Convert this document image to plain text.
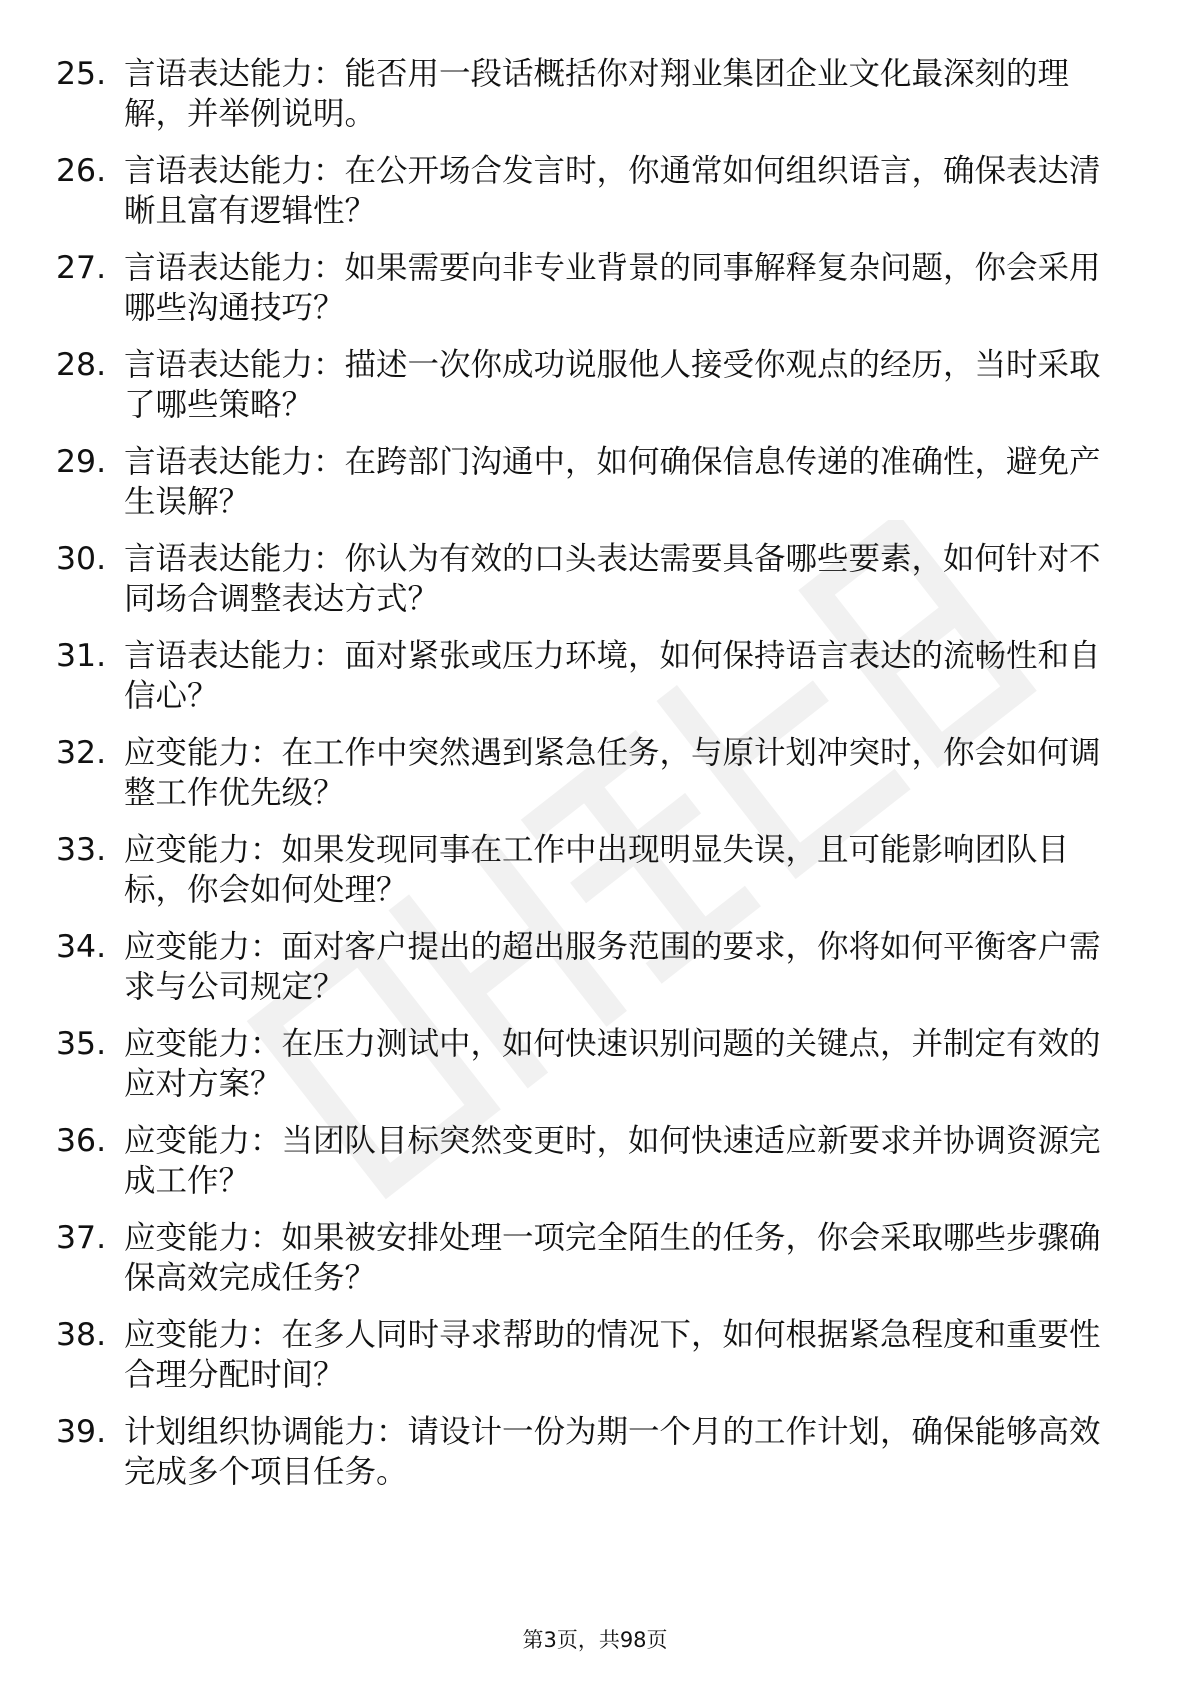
25. 言语表达能力：能否用一段话概括你对翔业集团企业文化最深刻的理解，并举例说明。
26. 言语表达能力：在公开场合发言时，你通常如何组织语言，确保表达清晰且富有逻辑性？
27. 言语表达能力：如果需要向非专业背景的同事解释复杂问题，你会采用哪些沟通技巧？
28. 言语表达能力：描述一次你成功说服他人接受你观点的经历，当时采取了哪些策略？
29. 言语表达能力：在跨部门沟通中，如何确保信息传递的准确性，避免产生误解？
30. 言语表达能力：你认为有效的口头表达需要具备哪些要素，如何针对不同场合调整表达方式？
31. 言语表达能力：面对紧张或压力环境，如何保持语言表达的流畅性和自信心？
32. 应变能力：在工作中突然遇到紧急任务，与原计划冲突时，你会如何调整工作优先级？
33. 应变能力：如果发现同事在工作中出现明显失误，且可能影响团队目标，你会如何处理？
34. 应变能力：面对客户提出的超出服务范围的要求，你将如何平衡客户需求与公司规定？
35. 应变能力：在压力测试中，如何快速识别问题的关键点，并制定有效的应对方案？
36. 应变能力：当团队目标突然变更时，如何快速适应新要求并协调资源完成工作？
37. 应变能力：如果被安排处理一项完全陌生的任务，你会采取哪些步骤确保高效完成任务？
38. 应变能力：在多人同时寻求帮助的情况下，如何根据紧急程度和重要性合理分配时间？
39. 计划组织协调能力：请设计一份为期一个月的工作计划，确保能够高效完成多个项目任务。
第3页，共98页
